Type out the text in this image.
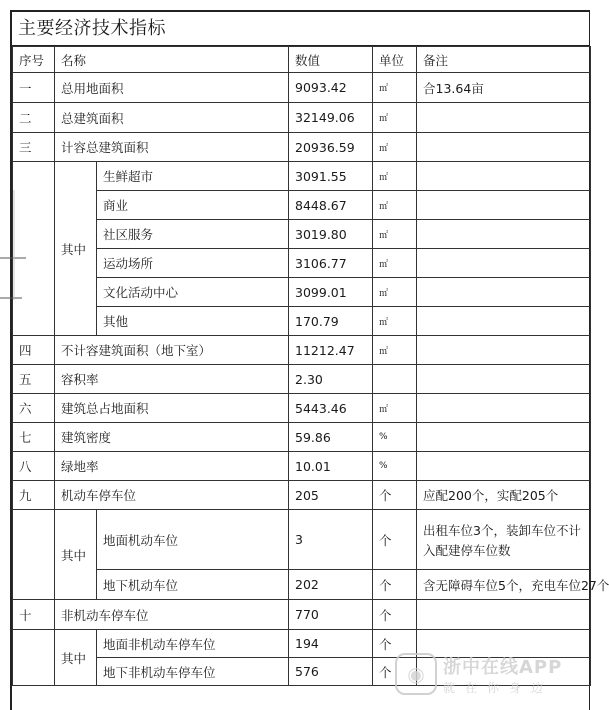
主要经济技术指标
序号	名称		数值	单位	备注
一	总用地面积		9093.42	㎡	合13.64亩
二	总建筑面积		32149.06	㎡	
三	计容总建筑面积		20936.59	㎡	
	其中	生鲜超市	3091.55	㎡	
		商业	8448.67	㎡	
		社区服务	3019.80	㎡	
		运动场所	3106.77	㎡	
		文化活动中心	3099.01	㎡	
		其他	170.79	㎡	
四	不计容建筑面积（地下室）		11212.47	㎡	
五	容积率		2.30		
六	建筑总占地面积		5443.46	㎡	
七	建筑密度		59.86	%	
八	绿地率		10.01	%	
九	机动车停车位		205	个	应配200个，实配205个
	其中	地面机动车位	3	个	出租车位3个，装卸车位不计入配建停车位数
		地下机动车位	202	个	含无障碍车位5个，充电车位27个
十	非机动车停车位		770	个	
	其中	地面非机动车停车位	194	个	
		地下非机动车停车位	576	个	◉	浙中在线APP
就在你身边
